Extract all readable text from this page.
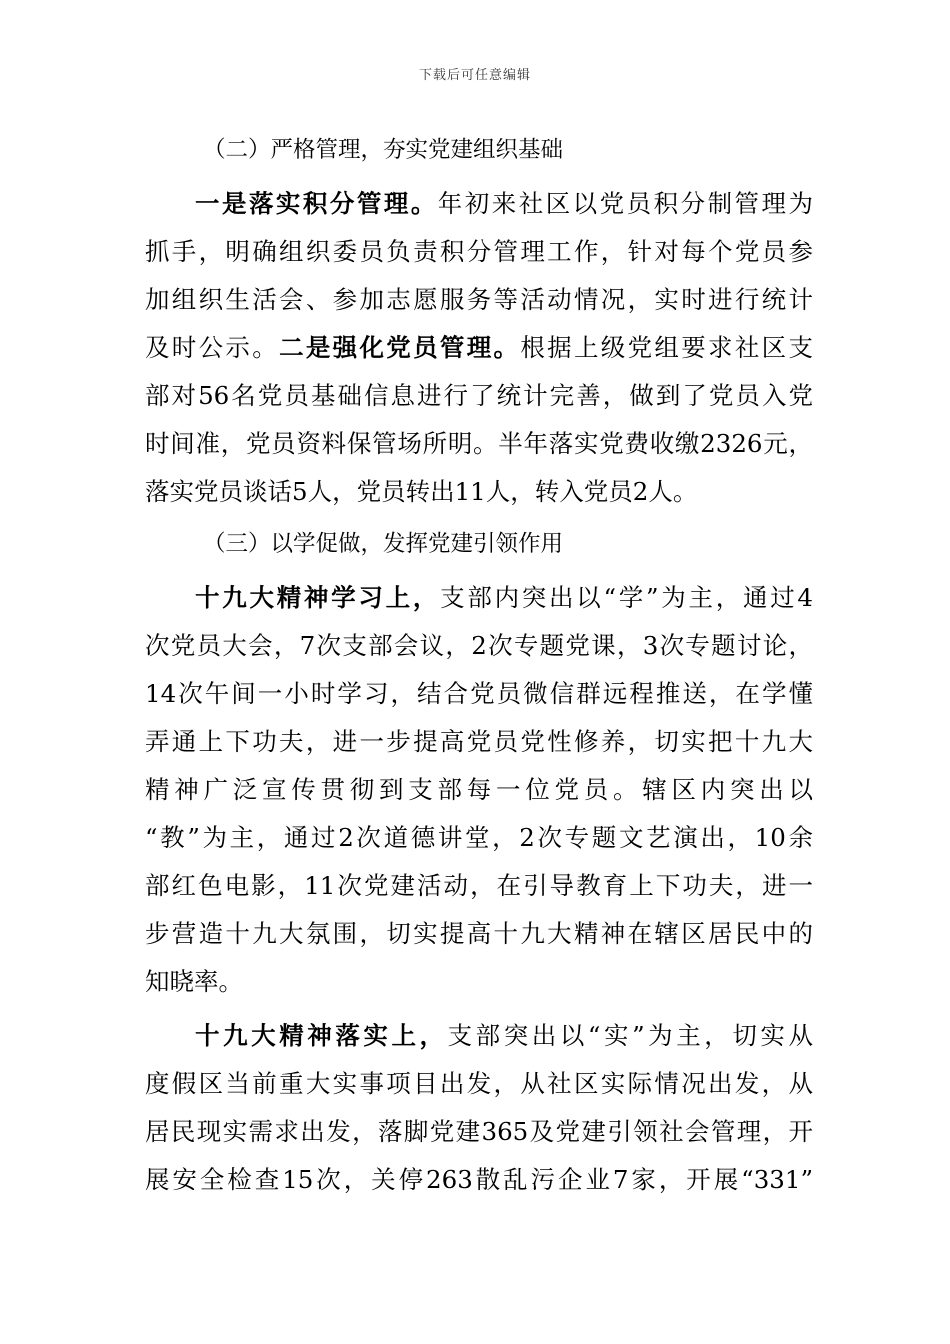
下载后可任意编辑
（二）严格管理，夯实党建组织基础
一是落实积分管理。年初来社区以党员积分制管理为
抓手，明确组织委员负责积分管理工作，针对每个党员参
加组织生活会、参加志愿服务等活动情况，实时进行统计
及时公示。二是强化党员管理。根据上级党组要求社区支
部对56名党员基础信息进行了统计完善，做到了党员入党
时间准，党员资料保管场所明。半年落实党费收缴2326元，
落实党员谈话5人，党员转出11人，转入党员2人。
（三）以学促做，发挥党建引领作用
十九大精神学习上，支部内突出以“学”为主，通过4
次党员大会，7次支部会议，2次专题党课，3次专题讨论，
14次午间一小时学习，结合党员微信群远程推送，在学懂
弄通上下功夫，进一步提高党员党性修养，切实把十九大
精神广泛宣传贯彻到支部每一位党员。辖区内突出以
“教”为主，通过2次道德讲堂，2次专题文艺演出，10余
部红色电影，11次党建活动，在引导教育上下功夫，进一
步营造十九大氛围，切实提高十九大精神在辖区居民中的
知晓率。
十九大精神落实上，支部突出以“实”为主，切实从
度假区当前重大实事项目出发，从社区实际情况出发，从
居民现实需求出发，落脚党建365及党建引领社会管理，开
展安全检查15次，关停263散乱污企业7家，开展“331”
